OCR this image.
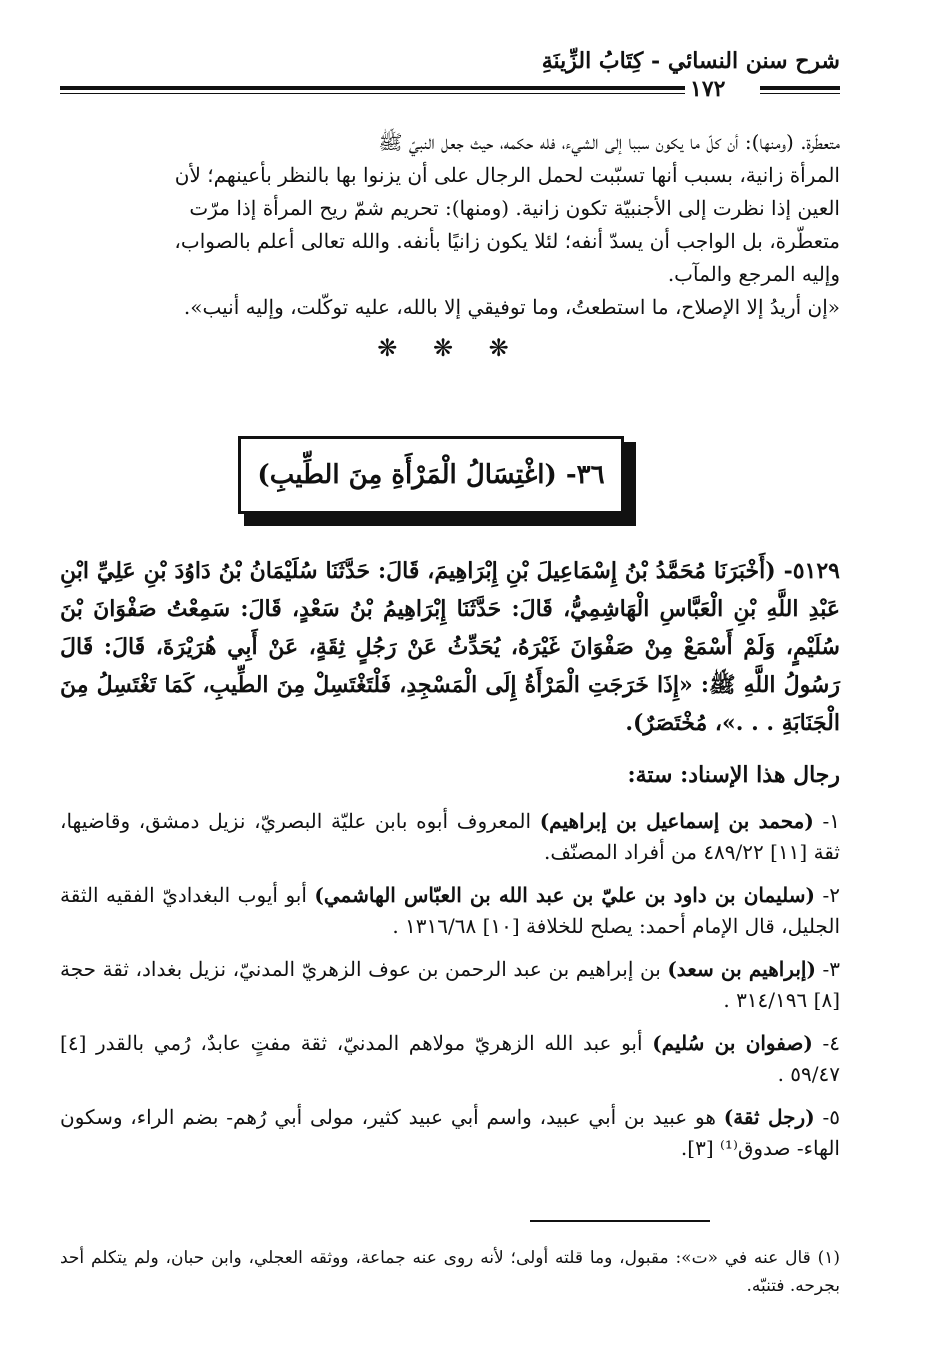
شرح سنن النسائي - كِتَابُ الزِّينَةِ
١٧٢

متعطّرة. (ومنها): أن كلّ ما يكون سببا إلى الشيء، فله حكمه، حيث جعل النبيّ ﷺ

المرأة زانية، بسبب أنها تسبّبت لحمل الرجال على أن يزنوا بها بالنظر بأعينهم؛ لأن

العين إذا نظرت إلى الأجنبيّة تكون زانية. (ومنها): تحريم شمّ ريح المرأة إذا مرّت

متعطّرة، بل الواجب أن يسدّ أنفه؛ لئلا يكون زانيًا بأنفه. والله تعالى أعلم بالصواب،

وإليه المرجع والمآب.

«إن أريدُ إلا الإصلاح، ما استطعتُ، وما توفيقي إلا بالله، عليه توكّلت، وإليه أنيب».

❋ ❋ ❋
٣٦- (اغْتِسَالُ الْمَرْأَةِ مِنَ الطِّيبِ)
٥١٢٩- (أَخْبَرَنَا مُحَمَّدُ بْنُ إِسْمَاعِيلَ بْنِ إِبْرَاهِيمَ، قَالَ: حَدَّثَنَا سُلَيْمَانُ بْنُ دَاوُدَ بْنِ عَلِيِّ ابْنِ عَبْدِ اللَّهِ بْنِ الْعَبَّاسِ الْهَاشِمِيُّ، قَالَ: حَدَّثَنَا إِبْرَاهِيمُ بْنُ سَعْدٍ، قَالَ: سَمِعْتُ صَفْوَانَ بْنَ سُلَيْمٍ، وَلَمْ أَسْمَعْ مِنْ صَفْوَانَ غَيْرَهُ، يُحَدِّثُ عَنْ رَجُلٍ ثِقَةٍ، عَنْ أَبِي هُرَيْرَةَ، قَالَ: قَالَ رَسُولُ اللَّهِ ﷺ: «إِذَا خَرَجَتِ الْمَرْأَةُ إِلَى الْمَسْجِدِ، فَلْتَغْتَسِلْ مِنَ الطِّيبِ، كَمَا تَغْتَسِلُ مِنَ الْجَنَابَةِ . . .»، مُخْتَصَرٌ).
رجال هذا الإسناد: ستة:
١- (محمد بن إسماعيل بن إبراهيم) المعروف أبوه بابن عليّة البصريّ، نزيل دمشق، وقاضيها، ثقة [١١] ٤٨٩/٢٢ من أفراد المصنّف.
٢- (سليمان بن داود بن عليّ بن عبد الله بن العبّاس الهاشمي) أبو أيوب البغداديّ الفقيه الثقة الجليل، قال الإمام أحمد: يصلح للخلافة [١٠] ١٣١٦/٦٨ .
٣- (إبراهيم بن سعد) بن إبراهيم بن عبد الرحمن بن عوف الزهريّ المدنيّ، نزيل بغداد، ثقة حجة [٨] ٣١٤/١٩٦ .
٤- (صفوان بن سُليم) أبو عبد الله الزهريّ مولاهم المدنيّ، ثقة مفتٍ عابدٌ، رُمي بالقدر [٤] ٥٩/٤٧ .
٥- (رجل ثقة) هو عبيد بن أبي عبيد، واسم أبي عبيد كثير، مولى أبي رُهم- بضم الراء، وسكون الهاء- صدوق⁽¹⁾ [٣].
(١) قال عنه في «ت»: مقبول، وما قلته أولى؛ لأنه روى عنه جماعة، ووثقه العجلي، وابن حبان، ولم يتكلم أحد بجرحه. فتنبّه.
